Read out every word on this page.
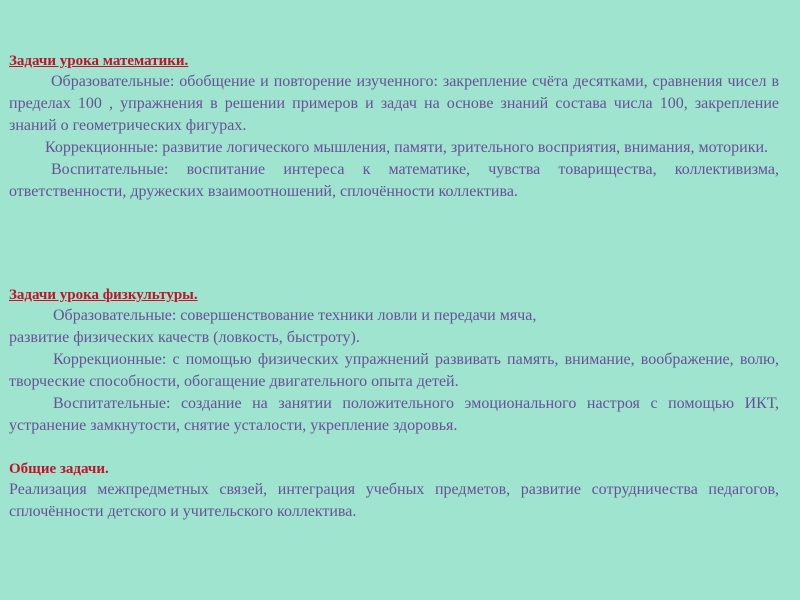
Задачи урока математики.

Образовательные: обобщение и повторение изученного: закрепление счёта десятками, сравнения чисел в пределах 100 , упражнения в решении примеров и задач на основе знаний состава числа 100, закрепление знаний о геометрических фигурах.

Коррекционные: развитие логического мышления, памяти, зрительного восприятия, внимания, моторики.

Воспитательные: воспитание интереса к математике, чувства товарищества, коллективизма, ответственности, дружеских взаимоотношений, сплочённости коллектива.

Задачи урока физкультуры.

Образовательные: совершенствование техники ловли и передачи мяча,

развитие физических качеств (ловкость, быстроту).

Коррекционные: с помощью физических упражнений развивать память, внимание, воображение, волю, творческие способности, обогащение двигательного опыта детей.

Воспитательные: создание на занятии положительного эмоционального настроя с помощью ИКТ, устранение замкнутости, снятие усталости, укрепление здоровья.

Общие задачи.

Реализация межпредметных связей, интеграция учебных предметов, развитие сотрудничества педагогов, сплочённости детского и учительского коллектива.
